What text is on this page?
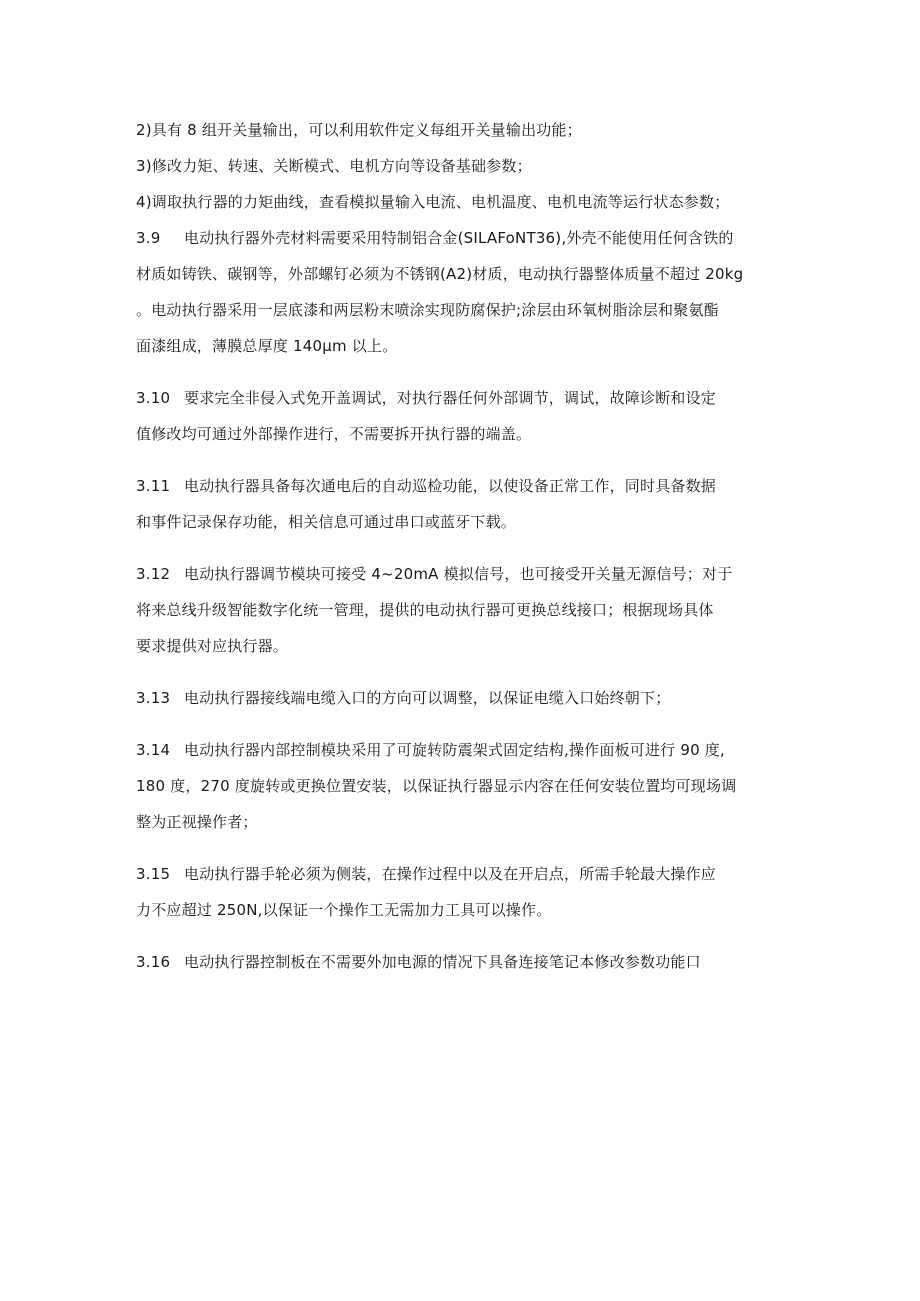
2)具有 8 组开关量输出，可以利用软件定义每组开关量输出功能；
3)修改力矩、转速、关断模式、电机方向等设备基础参数；
4)调取执行器的力矩曲线，查看模拟量输入电流、电机温度、电机电流等运行状态参数；
3.9 电动执行器外壳材料需要采用特制铝合金(SILAFoNT36),外壳不能使用任何含铁的
材质如铸铁、碳钢等，外部螺钉必须为不锈钢(A2)材质，电动执行器整体质量不超过 20kg
。电动执行器采用一层底漆和两层粉末喷涂实现防腐保护;涂层由环氧树脂涂层和聚氨酯
面漆组成，薄膜总厚度 140μm 以上。
3.10 要求完全非侵入式免开盖调试，对执行器任何外部调节，调试，故障诊断和设定
值修改均可通过外部操作进行，不需要拆开执行器的端盖。
3.11 电动执行器具备每次通电后的自动巡检功能，以使设备正常工作，同时具备数据
和事件记录保存功能，相关信息可通过串口或蓝牙下载。
3.12 电动执行器调节模块可接受 4~20mA 模拟信号，也可接受开关量无源信号；对于
将来总线升级智能数字化统一管理，提供的电动执行器可更换总线接口；根据现场具体
要求提供对应执行器。
3.13 电动执行器接线端电缆入口的方向可以调整，以保证电缆入口始终朝下；
3.14 电动执行器内部控制模块采用了可旋转防震架式固定结构,操作面板可进行 90 度,
180 度，270 度旋转或更换位置安装，以保证执行器显示内容在任何安装位置均可现场调
整为正视操作者；
3.15 电动执行器手轮必须为侧装，在操作过程中以及在开启点，所需手轮最大操作应
力不应超过 250N,以保证一个操作工无需加力工具可以操作。
3.16 电动执行器控制板在不需要外加电源的情况下具备连接笔记本修改参数功能口
